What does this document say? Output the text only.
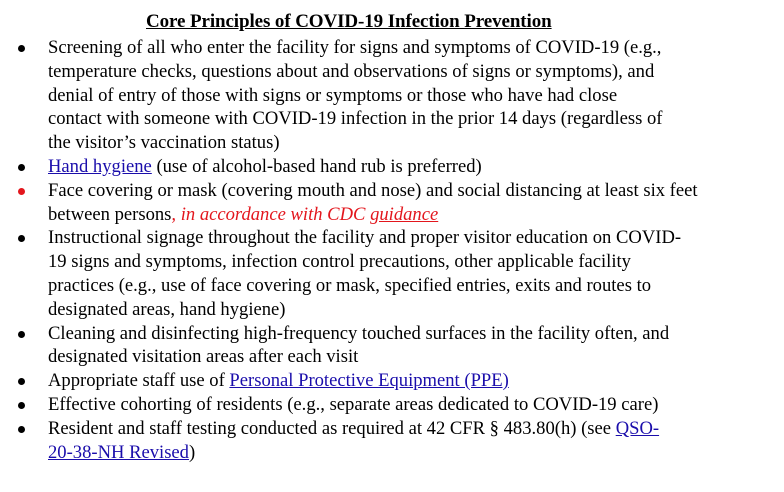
Core Principles of COVID-19 Infection Prevention
Screening of all who enter the facility for signs and symptoms of COVID-19 (e.g.,
temperature checks, questions about and observations of signs or symptoms), and
denial of entry of those with signs or symptoms or those who have had close
contact with someone with COVID-19 infection in the prior 14 days (regardless of
the visitor’s vaccination status)
Hand hygiene (use of alcohol-based hand rub is preferred)
Face covering or mask (covering mouth and nose) and social distancing at least six feet
between persons, in accordance with CDC guidance
Instructional signage throughout the facility and proper visitor education on COVID-
19 signs and symptoms, infection control precautions, other applicable facility
practices (e.g., use of face covering or mask, specified entries, exits and routes to
designated areas, hand hygiene)
Cleaning and disinfecting high-frequency touched surfaces in the facility often, and
designated visitation areas after each visit
Appropriate staff use of Personal Protective Equipment (PPE)
Effective cohorting of residents (e.g., separate areas dedicated to COVID-19 care)
Resident and staff testing conducted as required at 42 CFR § 483.80(h) (see QSO-
20-38-NH Revised)
